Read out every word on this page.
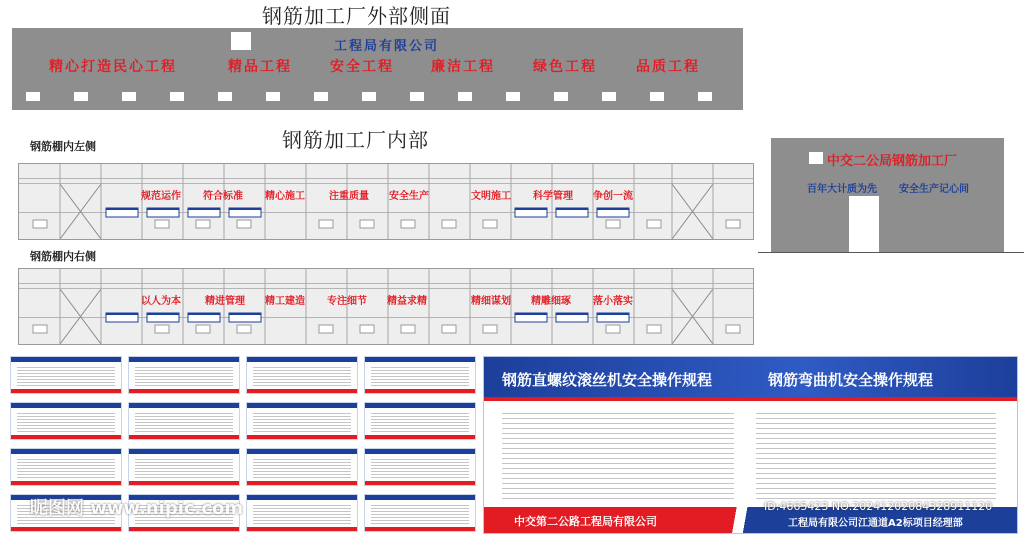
钢筋加工厂外部侧面
工程局有限公司
精心打造民心工程	精品工程	安全工程	廉洁工程	绿色工程	品质工程
钢筋加工厂内部
钢筋棚内左侧
规范运作 符合标准 精心施工 注重质量 安全生产	文明施工 科学管理 争创一流
钢筋棚内右侧
以人为本 精进管理 精工建造 专注细节 精益求精	精细谋划 精雕细琢 落小落实
中交二公局钢筋加工厂
百年大计质为先 安全生产记心间
钢筋直螺纹滚丝机安全操作规程	钢筋弯曲机安全操作规程
中交第二公路工程局有限公司	工程局有限公司江通道A2标项目经理部
昵图网 www.nipic.com	ID:4665423 NO:20241202084328911120
